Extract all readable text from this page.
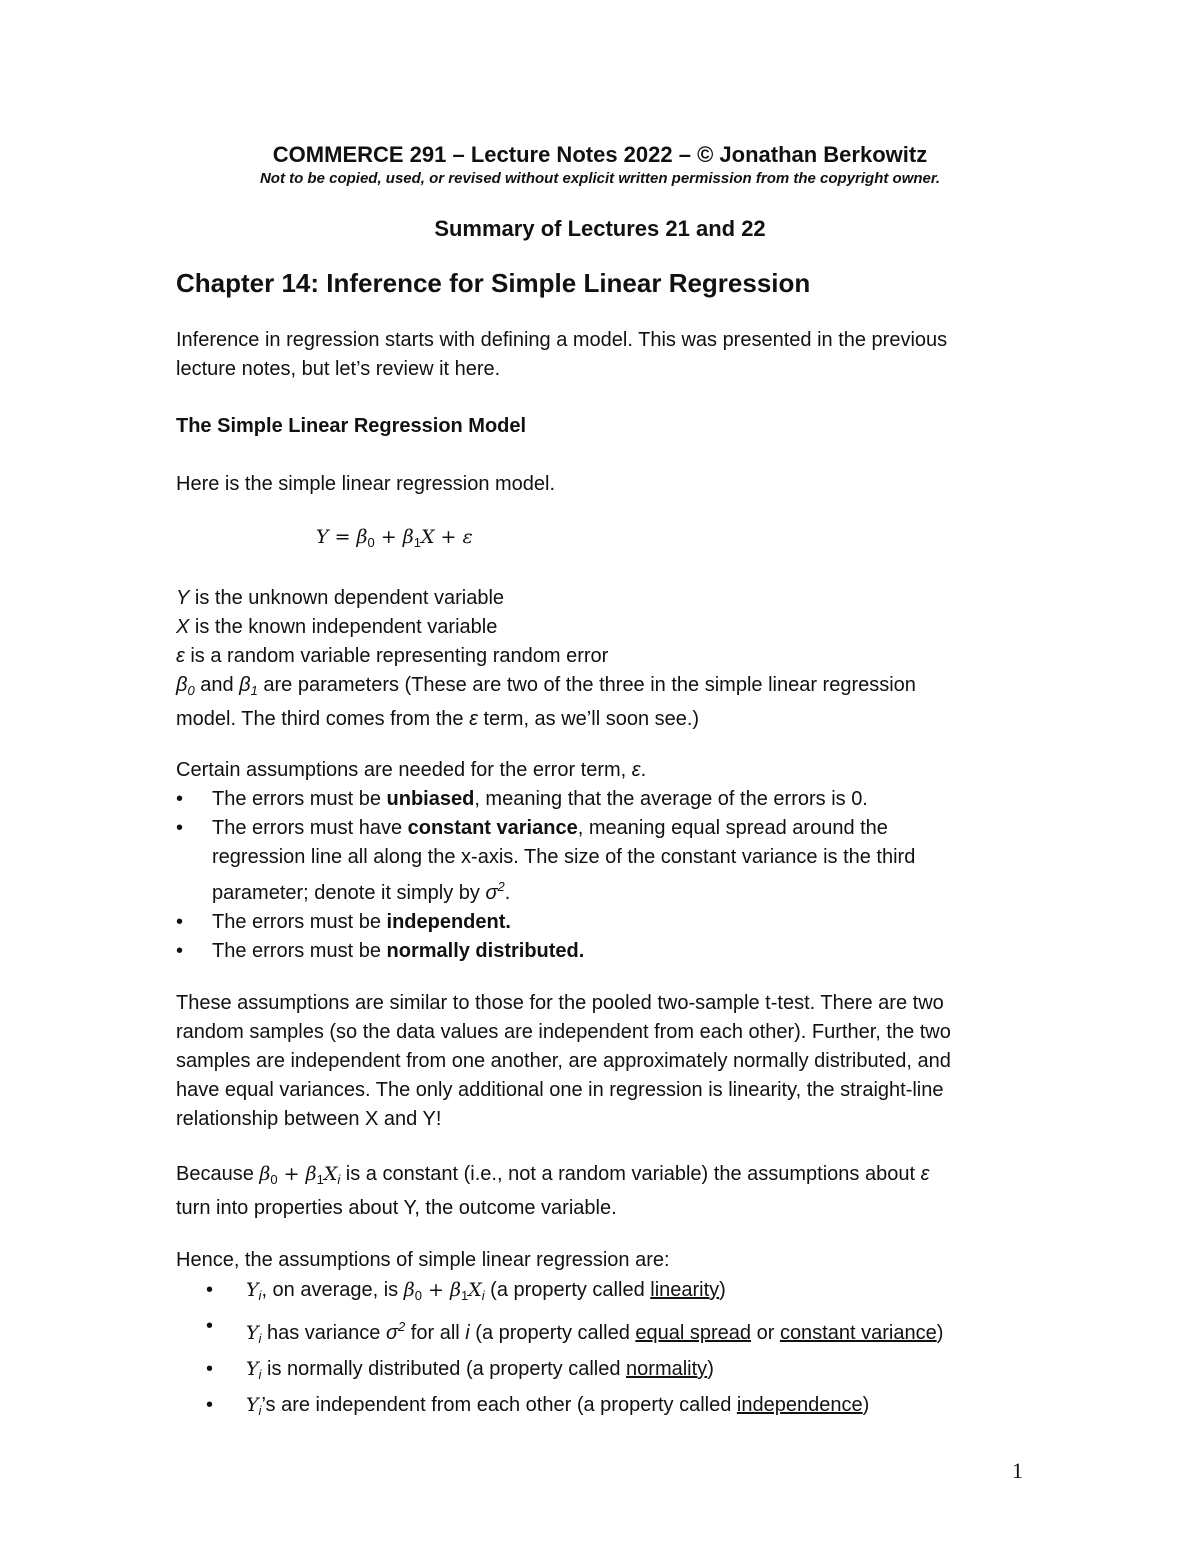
COMMERCE 291 – Lecture Notes 2022 – © Jonathan Berkowitz
Not to be copied, used, or revised without explicit written permission from the copyright owner.
Summary of Lectures 21 and 22
Chapter 14: Inference for Simple Linear Regression

Inference in regression starts with defining a model. This was presented in the previous

lecture notes, but let’s review it here.

The Simple Linear Regression Model

Here is the simple linear regression model.

$Y = \beta_0 + \beta_1X + \varepsilon$

Y is the unknown dependent variable

X is the known independent variable

ε is a random variable representing random error

$\beta_0$ and $\beta_1$ are parameters (These are two of the three in the simple linear regression

model. The third comes from the ε term, as we’ll soon see.)

Certain assumptions are needed for the error term, ε.

•	The errors must be unbiased, meaning that the average of the errors is 0.
•	The errors must have constant variance, meaning equal spread around the
regression line all along the x-axis. The size of the constant variance is the third
parameter; denote it simply by $\sigma^2$.
•	The errors must be independent.
•	The errors must be normally distributed.

These assumptions are similar to those for the pooled two-sample t-test. There are two

random samples (so the data values are independent from each other). Further, the two

samples are independent from one another, are approximately normally distributed, and

have equal variances. The only additional one in regression is linearity, the straight-line

relationship between X and Y!

Because $\beta_0 + \beta_1X_i$ is a constant (i.e., not a random variable) the assumptions about ε

turn into properties about Y, the outcome variable.

Hence, the assumptions of simple linear regression are:

• $Y_i$, on average, is $\beta_0 + \beta_1X_i$ (a property called linearity)
• $Y_i$ has variance $\sigma^2$ for all i (a property called equal spread or constant variance)
• $Y_i$ is normally distributed (a property called normality)
• $Y_i’s$ are independent from each other (a property called independence)
1
